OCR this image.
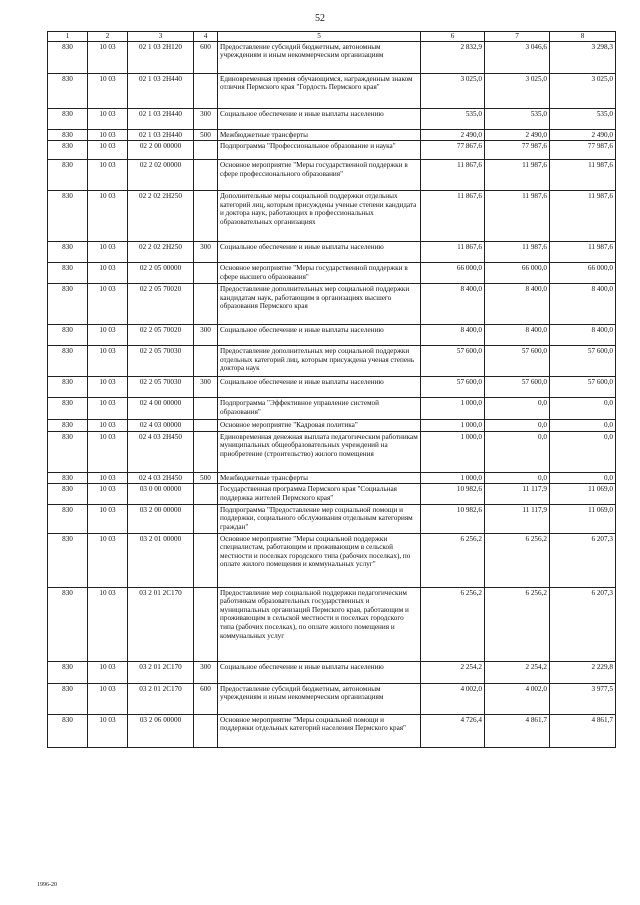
52
1	2	3	4	5	6	7	8
830	10 03	02 1 03 2Н120	600	Предоставление субсидий бюджетным, автономным учреждениям и иным некоммерческим организациям	2 832,9	3 046,6	3 298,3
830	10 03	02 1 03 2Н440		Единовременная премия обучающимся, награжденным знаком отличия Пермского края "Гордость Пермского края"	3 025,0	3 025,0	3 025,0
830	10 03	02 1 03 2Н440	300	Социальное обеспечение и иные выплаты населению	535,0	535,0	535,0
830	10 03	02 1 03 2Н440	500	Межбюджетные трансферты	2 490,0	2 490,0	2 490,0
830	10 03	02 2 00 00000		Подпрограмма "Профессиональное образование и наука"	77 867,6	77 987,6	77 987,6
830	10 03	02 2 02 00000		Основное мероприятие "Меры государственной поддержки в сфере профессионального образования"	11 867,6	11 987,6	11 987,6
830	10 03	02 2 02 2Н250		Дополнительные меры социальной поддержки отдельных категорий лиц, которым присуждены ученые степени кандидата и доктора наук, работающих в профессиональных образовательных организациях	11 867,6	11 987,6	11 987,6
830	10 03	02 2 02 2Н250	300	Социальное обеспечение и иные выплаты населению	11 867,6	11 987,6	11 987,6
830	10 03	02 2 05 00000		Основное мероприятие "Меры государственной поддержки в сфере высшего образования"	66 000,0	66 000,0	66 000,0
830	10 03	02 2 05 70020		Предоставление дополнительных мер социальной поддержки кандидатам наук, работающим в организациях высшего образования Пермского края	8 400,0	8 400,0	8 400,0
830	10 03	02 2 05 70020	300	Социальное обеспечение и иные выплаты населению	8 400,0	8 400,0	8 400,0
830	10 03	02 2 05 70030		Предоставление дополнительных мер социальной поддержки отдельных категорий лиц, которым присуждена ученая степень доктора наук	57 600,0	57 600,0	57 600,0
830	10 03	02 2 05 70030	300	Социальное обеспечение и иные выплаты населению	57 600,0	57 600,0	57 600,0
830	10 03	02 4 00 00000		Подпрограмма "Эффективное управление системой образования"	1 000,0	0,0	0,0
830	10 03	02 4 03 00000		Основное мероприятие "Кадровая политика"	1 000,0	0,0	0,0
830	10 03	02 4 03 2Н450		Единовременная денежная выплата педагогическим работникам муниципальных общеобразовательных учреждений на приобретение (строительство) жилого помещения	1 000,0	0,0	0,0
830	10 03	02 4 03 2Н450	500	Межбюджетные трансферты	1 000,0	0,0	0,0
830	10 03	03 0 00 00000		Государственная программа Пермского края "Социальная поддержка жителей Пермского края"	10 982,6	11 117,9	11 069,0
830	10 03	03 2 00 00000		Подпрограмма "Предоставление мер социальной помощи и поддержки, социального обслуживания отдельным категориям граждан"	10 982,6	11 117,9	11 069,0
830	10 03	03 2 01 00000		Основное мероприятие "Меры социальной поддержки специалистам, работающим и проживающим в сельской местности и поселках городского типа (рабочих поселках), по оплате жилого помещения и коммунальных услуг"	6 256,2	6 256,2	6 207,3
830	10 03	03 2 01 2С170		Предоставление мер социальной поддержки педагогическим работникам образовательных государственных и муниципальных организаций Пермского края, работающим и проживающим в сельской местности и поселках городского типа (рабочих поселках), по оплате жилого помещения и коммунальных услуг	6 256,2	6 256,2	6 207,3
830	10 03	03 2 01 2С170	300	Социальное обеспечение и иные выплаты населению	2 254,2	2 254,2	2 229,8
830	10 03	03 2 01 2С170	600	Предоставление субсидий бюджетным, автономным учреждениям и иным некоммерческим организациям	4 002,0	4 002,0	3 977,5
830	10 03	03 2 06 00000		Основное мероприятие "Меры социальной помощи и поддержки отдельных категорий населения Пермского края"	4 726,4	4 861,7	4 861,7
1996-20
